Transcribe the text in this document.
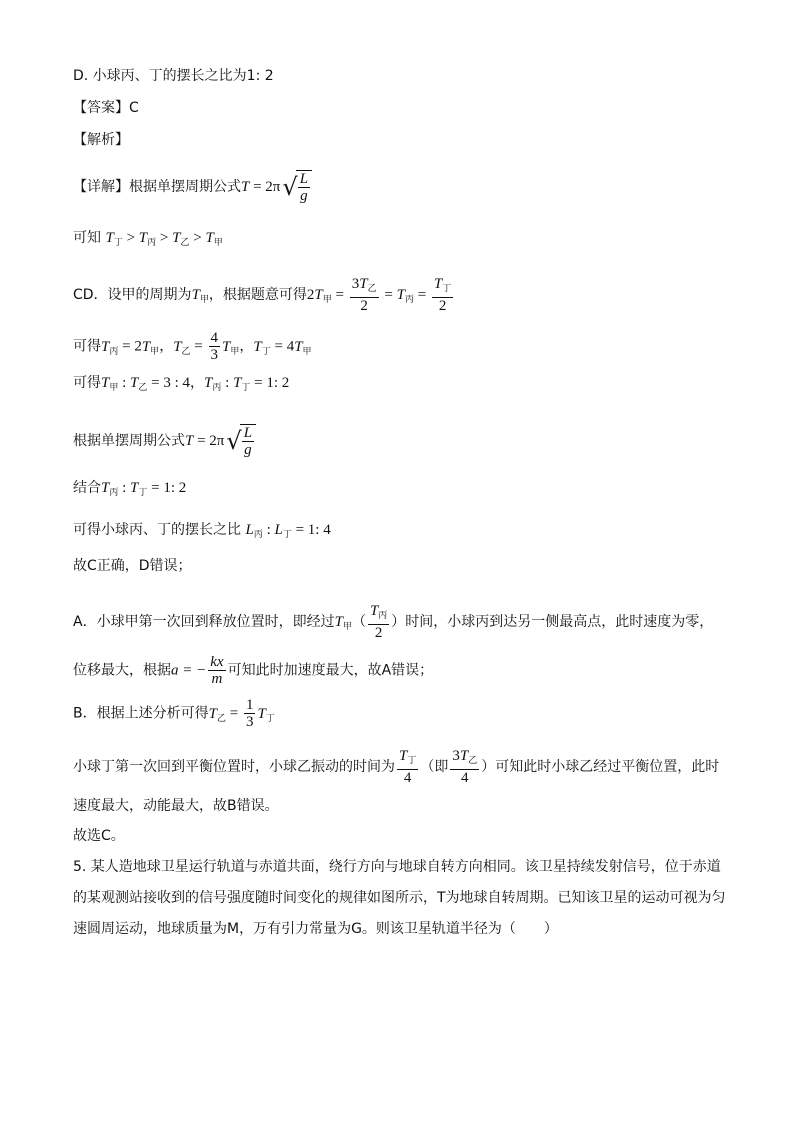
D. 小球丙、丁的摆长之比为1: 2
【答案】C
【解析】
【详解】根据单摆周期公式$T = 2\pi√ \frac{L}{g}$
可知 $T_丁 > T_丙 > T_乙 > T_甲$
CD．设甲的周期为$T_甲$，根据题意可得$2T_甲 = \frac{3T_乙}{2} = T_丙 = \frac{T_丁}{2}$
可得$T_丙 = 2T_甲$，$T_乙 = \frac{4}{3} T_甲$，$T_丁 = 4T_甲$
可得$T_甲$ : $T_乙 = 3$ : 4，$T_丙$ : $T_丁 = 1$: 2
根据单摆周期公式$T = 2\pi√ \frac{L}{g}$
结合$T_丙$ : $T_丁 = 1$: 2
可得小球丙、丁的摆长之比 $L_丙$ : $L_丁 = 1$: 4
故C正确，D错误；
A．小球甲第一次回到释放位置时，即经过$T_甲( \frac{T_丙}{2}$ ）时间，小球丙到达另一侧最高点，此时速度为零，
位移最大，根据a = − $\frac{kx}{m}$ 可知此时加速度最大，故A错误；
B．根据上述分析可得$T_乙 = \frac{1}{3} T_丁$
小球丁第一次回到平衡位置时，小球乙振动的时间为 $\frac{T_丁}{4}$ （即 $\frac{3T_乙}{4}$ ）可知此时小球乙经过平衡位置，此时
速度最大，动能最大，故B错误。
故选C。
5. 某人造地球卫星运行轨道与赤道共面，绕行方向与地球自转方向相同。该卫星持续发射信号，位于赤道
的某观测站接收到的信号强度随时间变化的规律如图所示，T为地球自转周期。已知该卫星的运动可视为匀
速圆周运动，地球质量为M，万有引力常量为G。则该卫星轨道半径为（　　）
